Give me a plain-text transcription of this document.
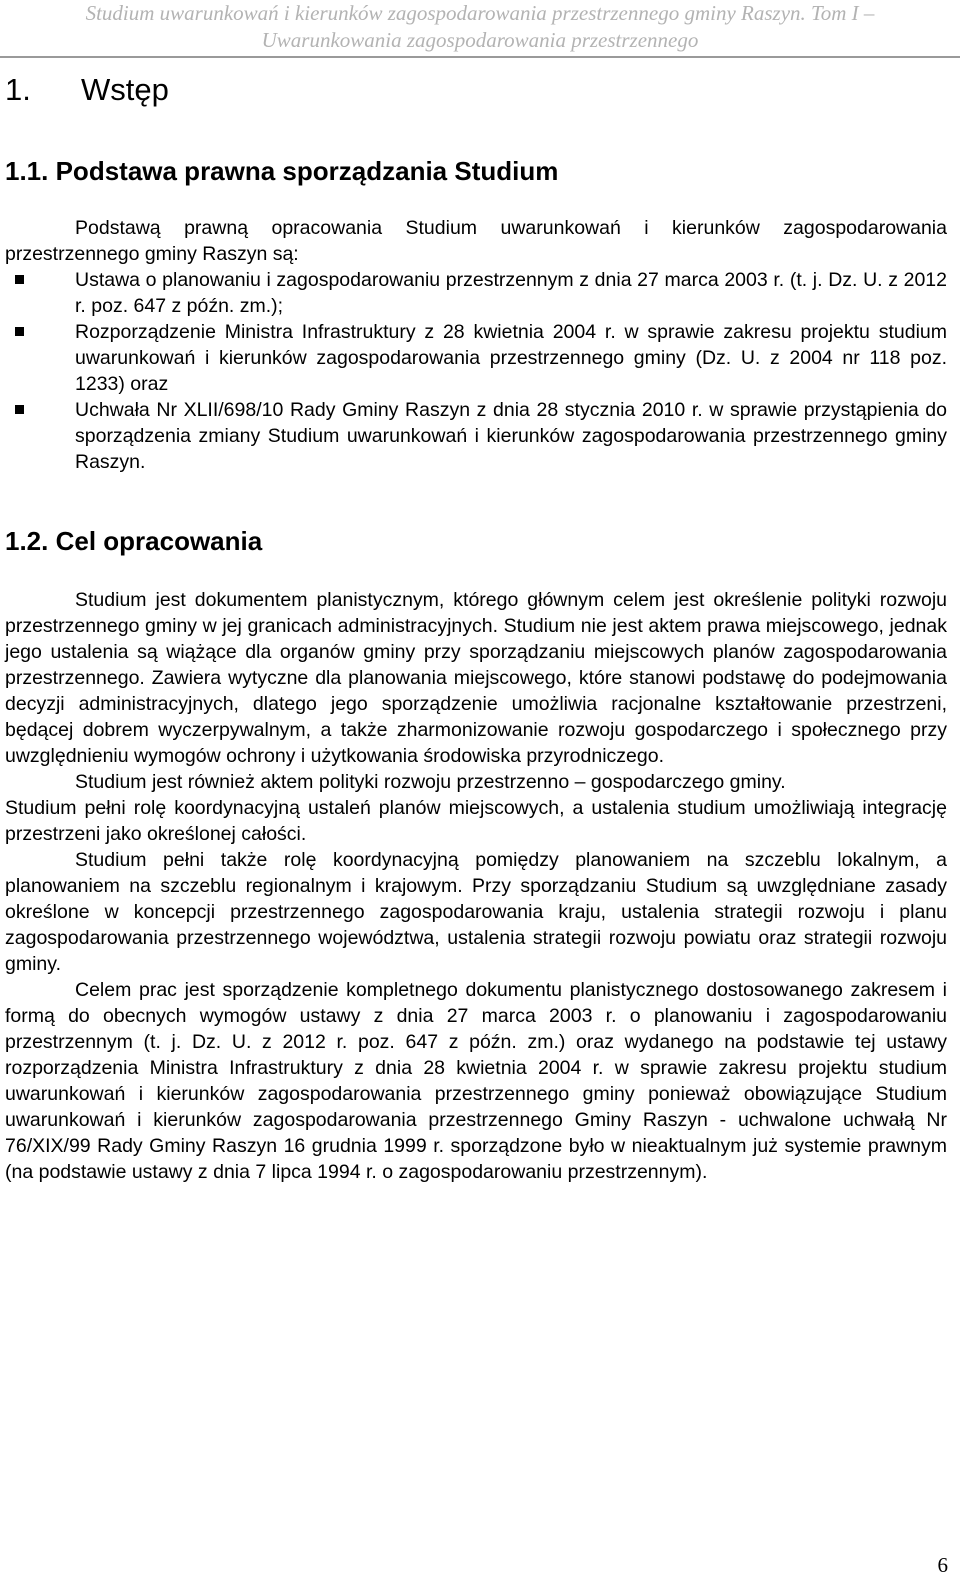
Studium uwarunkowań i kierunków zagospodarowania przestrzennego gminy Raszyn. Tom I –
Uwarunkowania zagospodarowania przestrzennego
1. Wstęp
1.1. Podstawa prawna sporządzania Studium
Podstawą prawną opracowania Studium uwarunkowań i kierunków zagospodarowania przestrzennego gminy Raszyn są:
Ustawa o planowaniu i zagospodarowaniu przestrzennym z dnia 27 marca 2003 r. (t. j. Dz. U. z 2012 r. poz. 647 z późn. zm.);
Rozporządzenie Ministra Infrastruktury z 28 kwietnia 2004 r. w sprawie zakresu projektu studium uwarunkowań i kierunków zagospodarowania przestrzennego gminy (Dz. U. z 2004 nr 118 poz. 1233) oraz
Uchwała Nr XLII/698/10 Rady Gminy Raszyn z dnia 28 stycznia 2010 r. w sprawie przystąpienia do sporządzenia zmiany Studium uwarunkowań i kierunków zagospodarowania przestrzennego gminy Raszyn.
1.2. Cel opracowania

Studium jest dokumentem planistycznym, którego głównym celem jest określenie polityki rozwoju przestrzennego gminy w jej granicach administracyjnych. Studium nie jest aktem prawa miejscowego, jednak jego ustalenia są wiążące dla organów gminy przy sporządzaniu miejscowych planów zagospodarowania przestrzennego. Zawiera wytyczne dla planowania miejscowego, które stanowi podstawę do podejmowania decyzji administracyjnych, dlatego jego sporządzenie umożliwia racjonalne kształtowanie przestrzeni, będącej dobrem wyczerpywalnym, a także zharmonizowanie rozwoju gospodarczego i społecznego przy uwzględnieniu wymogów ochrony i użytkowania środowiska przyrodniczego.

Studium jest również aktem polityki rozwoju przestrzenno – gospodarczego gminy.

Studium pełni rolę koordynacyjną ustaleń planów miejscowych, a ustalenia studium umożliwiają integrację przestrzeni jako określonej całości.

Studium pełni także rolę koordynacyjną pomiędzy planowaniem na szczeblu lokalnym, a planowaniem na szczeblu regionalnym i krajowym. Przy sporządzaniu Studium są uwzględniane zasady określone w koncepcji przestrzennego zagospodarowania kraju, ustalenia strategii rozwoju i planu zagospodarowania przestrzennego województwa, ustalenia strategii rozwoju powiatu oraz strategii rozwoju gminy.

Celem prac jest sporządzenie kompletnego dokumentu planistycznego dostosowanego zakresem i formą do obecnych wymogów ustawy z dnia 27 marca 2003 r. o planowaniu i zagospodarowaniu przestrzennym (t. j. Dz. U. z 2012 r. poz. 647 z późn. zm.) oraz wydanego na podstawie tej ustawy rozporządzenia Ministra Infrastruktury z dnia 28 kwietnia 2004 r. w sprawie zakresu projektu studium uwarunkowań i kierunków zagospodarowania przestrzennego gminy ponieważ obowiązujące Studium uwarunkowań i kierunków zagospodarowania przestrzennego Gminy Raszyn - uchwalone uchwałą Nr 76/XIX/99 Rady Gminy Raszyn 16 grudnia 1999 r. sporządzone było w nieaktualnym już systemie prawnym (na podstawie ustawy z dnia 7 lipca 1994 r. o zagospodarowaniu przestrzennym).

6
